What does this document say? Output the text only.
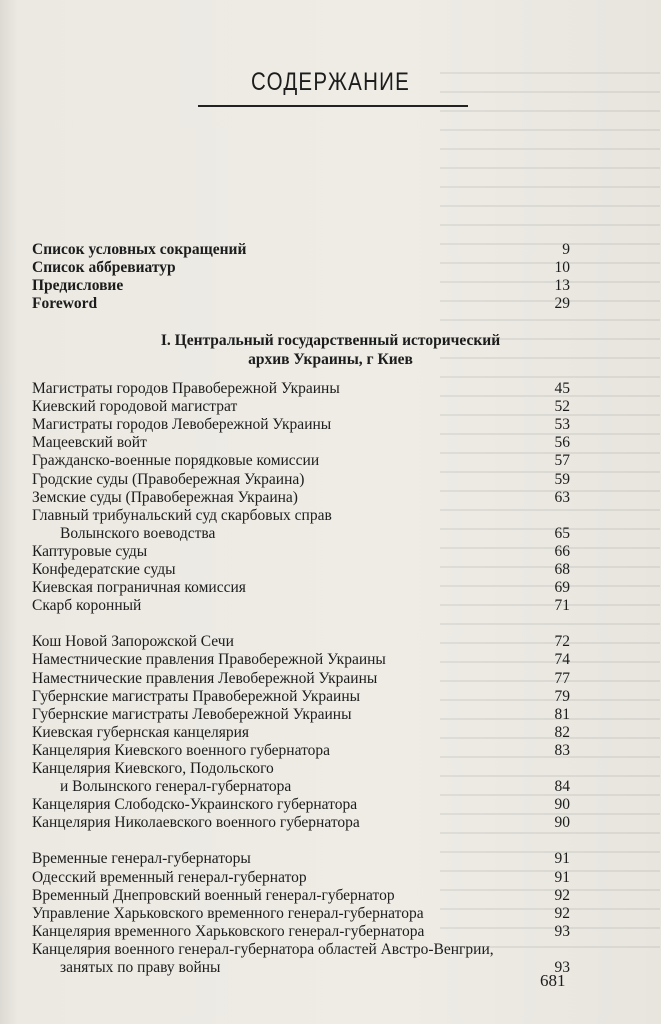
СОДЕРЖАНИЕ
Список условных сокращений	9
Список аббревиатур	10
Предисловие	13
Foreword	29
I. Центральный государственный исторический
архив Украины, г Киев
Магистраты городов Правобережной Украины	45
Киевский городовой магистрат	52
Магистраты городов Левобережной Украины	53
Мацеевский войт	56
Гражданско-военные порядковые комиссии	57
Гродские суды (Правобережная Украина)	59
Земские суды (Правобережная Украина)	63
Главный трибунальский суд скарбовых справ
Волынского воеводства	65
Каптуровые суды	66
Конфедератские суды	68
Киевская пограничная комиссия	69
Скарб коронный	71
Кош Новой Запорожской Сечи	72
Наместнические правления Правобережной Украины	74
Наместнические правления Левобережной Украины	77
Губернские магистраты Правобережной Украины	79
Губернские магистраты Левобережной Украины	81
Киевская губернская канцелярия	82
Канцелярия Киевского военного губернатора	83
Канцелярия Киевского, Подольского
и Волынского генерал-губернатора	84
Канцелярия Слободско-Украинского губернатора	90
Канцелярия Николаевского военного губернатора	90
Временные генерал-губернаторы	91
Одесский временный генерал-губернатор	91
Временный Днепровский военный генерал-губернатор	92
Управление Харьковского временного генерал-губернатора	92
Канцелярия временного Харьковского генерал-губернатора	93
Канцелярия военного генерал-губернатора областей Австро-Венгрии,
занятых по праву войны	93
681
